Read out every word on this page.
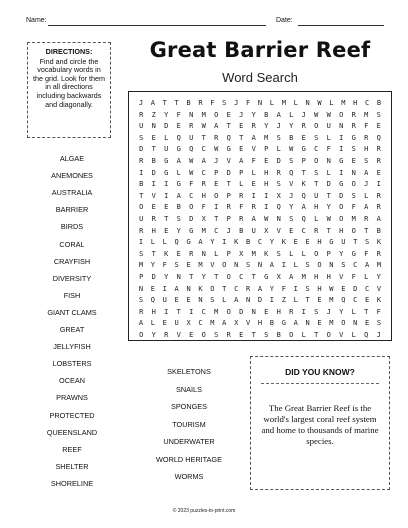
Name:	Date:
DIRECTIONS:
Find and circle the vocabulary words in the grid. Look for them in all directions including backwards and diagonally.
Great Barrier Reef
Word Search
J	A	T	T	B	R	F	S	J	F	N	L	M	L	N	W	L	M	H	C	B
R	Z	Y	F	N	M	O	E	J	Y	B	A	L	J	W	W	O	R	M	S
U	N	D	E	R	W	A	T	E	R	Y	J	Y	R	O	U	N	R	F	E
S	E	L	Q	U	T	R	Q	T	A	M	S	B	E	S	L	I	G	R	Q
D	T	U	G	Q	C	W	G	E	V	P	L	W	G	C	F	I	S	H	R
R	B	G	A	W	A	J	V	A	F	E	D	S	P	O	N	G	E	S	R
I	D	G	L	W	C	P	D	P	L	H	R	Q	T	S	L	I	N	A	E
B	I	I	G	F	R	E	T	L	E	H	S	V	K	T	D	G	O	J	I
T	V	I	A	C	H	O	P	R	I	I	X	J	Q	U	T	D	S	L	R
O	E	E	B	O	F	I	R	F	R	I	Q	Y	A	H	Y	O	F	A	R
U	R	T	S	D	X	T	P	R	A	W	N	S	Q	L	W	O	M	R	A
R	H	E	Y	G	M	C	J	B	U	X	V	E	C	R	T	H	O	T	B
I	L	L	Q	G	A	Y	I	K	B	C	Y	K	E	E	H	G	U	T	S	K
S	T	K	E	R	N	L	P	X	M	K	S	L	L	O	P	Y	G	F	R
M	Y	F	S	E	M	V	O	N	S	N	A	I	L	S	O	N	S	C	A	M
P	D	Y	N	T	Y	T	O	C	T	G	X	A	M	H	H	V	F	L	Y
N	E	I	A	N	K	O	T	C	R	A	Y	F	I	S	H	W	E	D	C	V
S	Q	U	E	E	N	S	L	A	N	D	I	Z	L	T	E	M	Q	C	E	K
R	H	I	T	I	C	M	O	D	N	E	H	R	I	S	J	Y	L	T	F
A	L	E	U	X	C	M	A	X	V	H	B	G	A	N	E	M	O	N	E	S
O	Y	R	V	E	O	S	R	E	T	S	B	O	L	T	O	V	L	Q	J
ALGAE
ANEMONES
AUSTRALIA
BARRIER
BIRDS
CORAL
CRAYFISH
DIVERSITY
FISH
GIANT CLAMS
GREAT
JELLYFISH
LOBSTERS
OCEAN
PRAWNS
PROTECTED
QUEENSLAND
REEF
SHELTER
SHORELINE
SKELETONS
SNAILS
SPONGES
TOURISM
UNDERWATER
WORLD HERITAGE
WORMS
DID YOU KNOW?
The Great Barrier Reef is the world's largest coral reef system and home to thousands of marine species.
© 2023 puzzles-to-print.com
